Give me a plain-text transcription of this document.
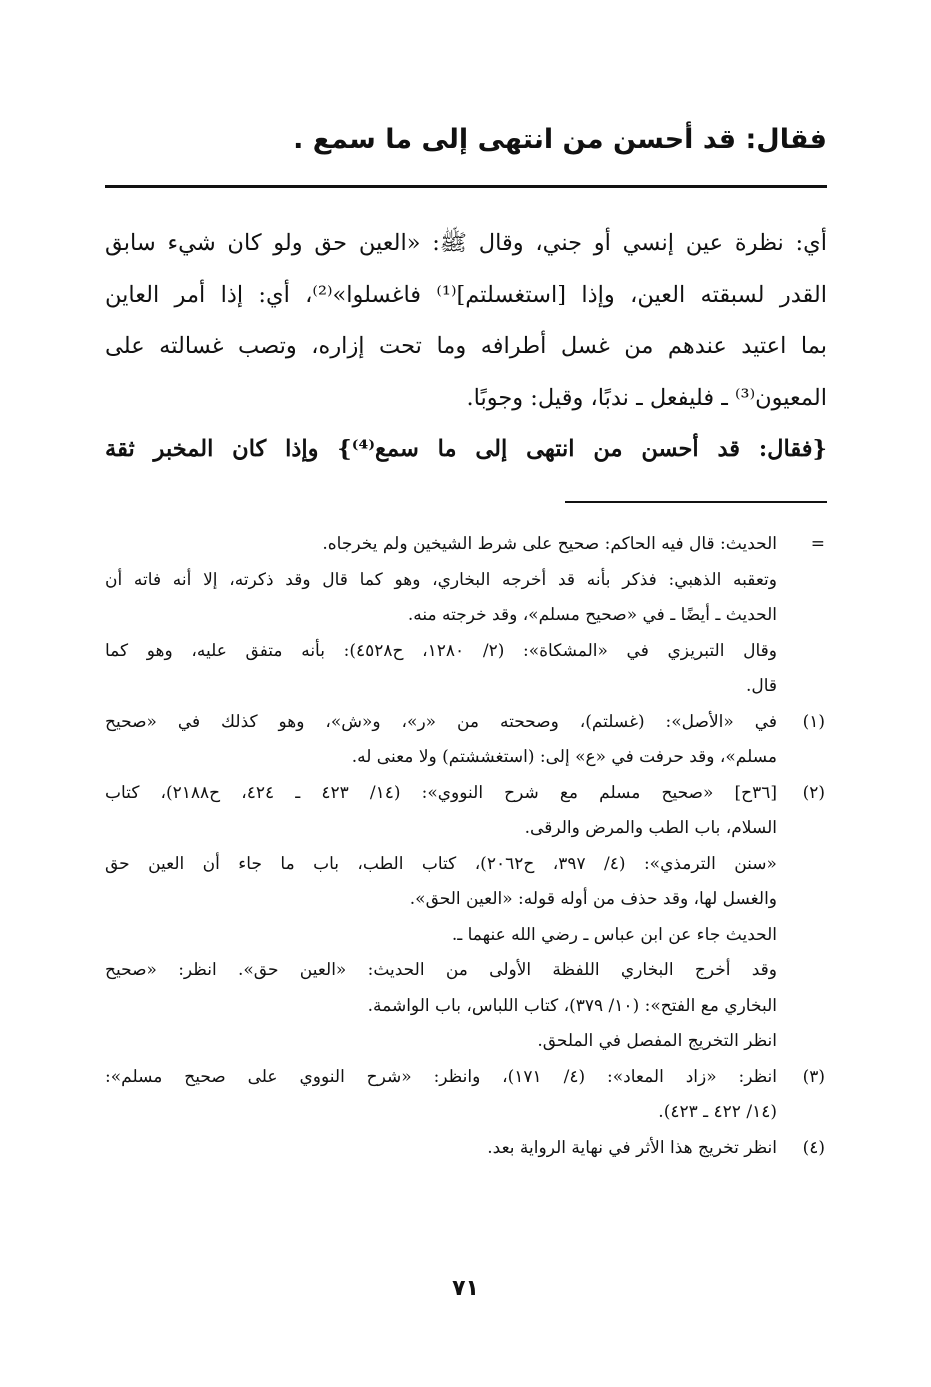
فقال: قد أحسن من انتهى إلى ما سمع .
أي: نظرة عين إنسي أو جني، وقال ﷺ: «العين حق ولو كان شيء سابق
القدر لسبقته العين، وإذا [استغسلتم]⁽¹⁾ فاغسلوا»⁽²⁾، أي: إذا أمر العاين
بما اعتيد عندهم من غسل أطرافه وما تحت إزاره، وتصب غسالته على
المعيون⁽³⁾ ـ فليفعل ـ ندبًا، وقيل: وجوبًا.
{فقال: قد أحسن من انتهى إلى ما سمع⁽⁴⁾} وإذا كان المخبر ثقة
=
الحديث: قال فيه الحاكم: صحيح على شرط الشيخين ولم يخرجاه.
وتعقبه الذهبي: فذكر بأنه قد أخرجه البخاري، وهو كما قال وقد ذكرته، إلا أنه فاته أن
الحديث ـ أيضًا ـ في «صحيح مسلم»، وقد خرجته منه.
وقال التبريزي في «المشكاة»: (٢/ ١٢٨٠، ح٤٥٢٨): بأنه متفق عليه، وهو كما
قال.
(١)
في «الأصل»: (غسلتم)، وصححته من «ر»، و«ش»، وهو كذلك في «صحيح
مسلم»، وقد حرفت في «ع» إلى: (استغششتم) ولا معنى له.
(٢)
[٣٦ح] «صحيح مسلم مع شرح النووي»: (١٤/ ٤٢٣ ـ ٤٢٤، ح٢١٨٨)، كتاب
السلام، باب الطب والمرض والرقى.
«سنن الترمذي»: (٤/ ٣٩٧، ح٢٠٦٢)، كتاب الطب، باب ما جاء أن العين حق
والغسل لها، وقد حذف من أوله قوله: «العين الحق».
الحديث جاء عن ابن عباس ـ رضي الله عنهما ـ.
وقد أخرج البخاري اللفظة الأولى من الحديث: «العين حق». انظر: «صحيح
البخاري مع الفتح»: (١٠/ ٣٧٩)، كتاب اللباس، باب الواشمة.
انظر التخريج المفصل في الملحق.
(٣)
انظر: «زاد المعاد»: (٤/ ١٧١)، وانظر: «شرح النووي على صحيح مسلم»:
(١٤/ ٤٢٢ ـ ٤٢٣).
(٤)
انظر تخريج هذا الأثر في نهاية الرواية بعد.
٧١
